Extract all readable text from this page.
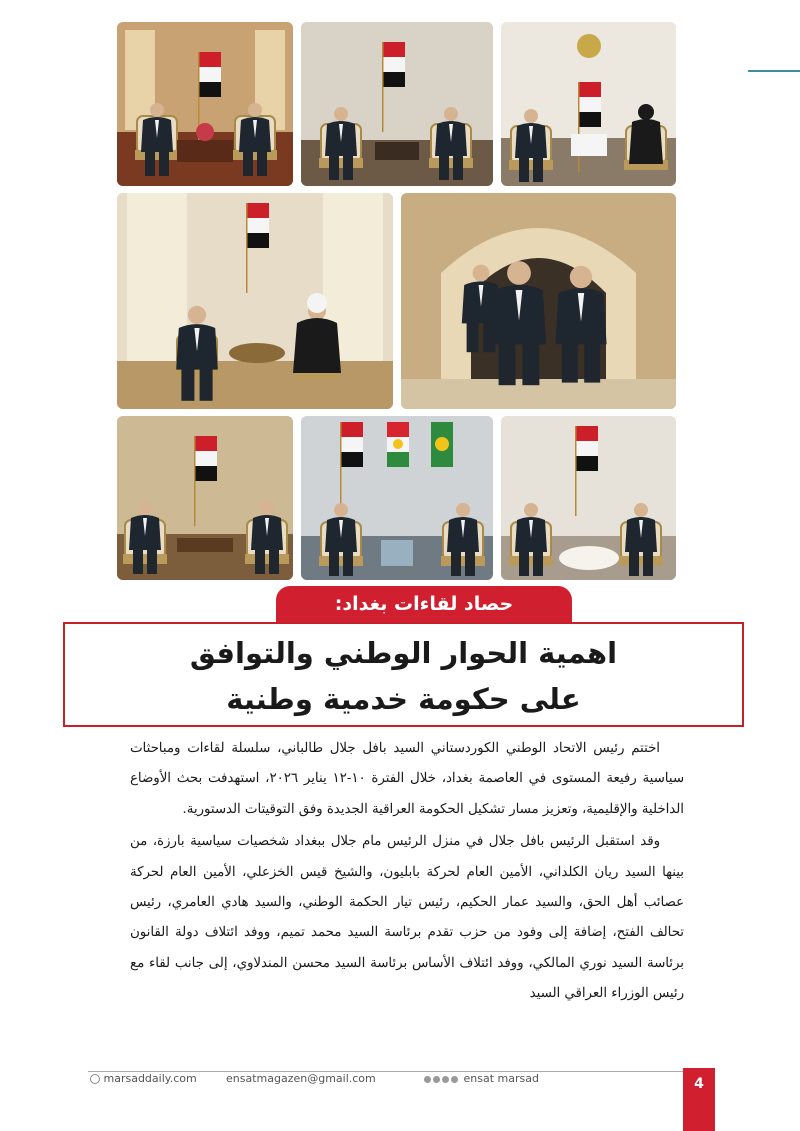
حصاد لقاءات بغداد:
اهمية الحوار الوطني والتوافق
على حكومة خدمية وطنية

اختتم رئيس الاتحاد الوطني الكوردستاني السيد بافل جلال طالباني، سلسلة لقاءات ومباحثات سياسية رفيعة المستوى في العاصمة بغداد، خلال الفترة ١٠-١٢ يناير ٢٠٢٦، استهدفت بحث الأوضاع الداخلية والإقليمية، وتعزيز مسار تشكيل الحكومة العراقية الجديدة وفق التوقيتات الدستورية.

وقد استقبل الرئيس بافل جلال في منزل الرئيس مام جلال ببغداد شخصيات سياسية بارزة، من بينها السيد ريان الكلداني، الأمين العام لحركة بابليون، والشيخ قيس الخزعلي، الأمين العام لحركة عصائب أهل الحق، والسيد عمار الحكيم، رئيس تيار الحكمة الوطني، والسيد هادي العامري، رئيس تحالف الفتح، إضافة إلى وفود من حزب تقدم برئاسة السيد محمد تميم، ووفد ائتلاف دولة القانون برئاسة السيد نوري المالكي، ووفد ائتلاف الأساس برئاسة السيد محسن المندلاوي، إلى جانب لقاء مع رئيس الوزراء العراقي السيد

marsaddaily.com	ensatmagazen@gmail.com	ensat marsad	4
